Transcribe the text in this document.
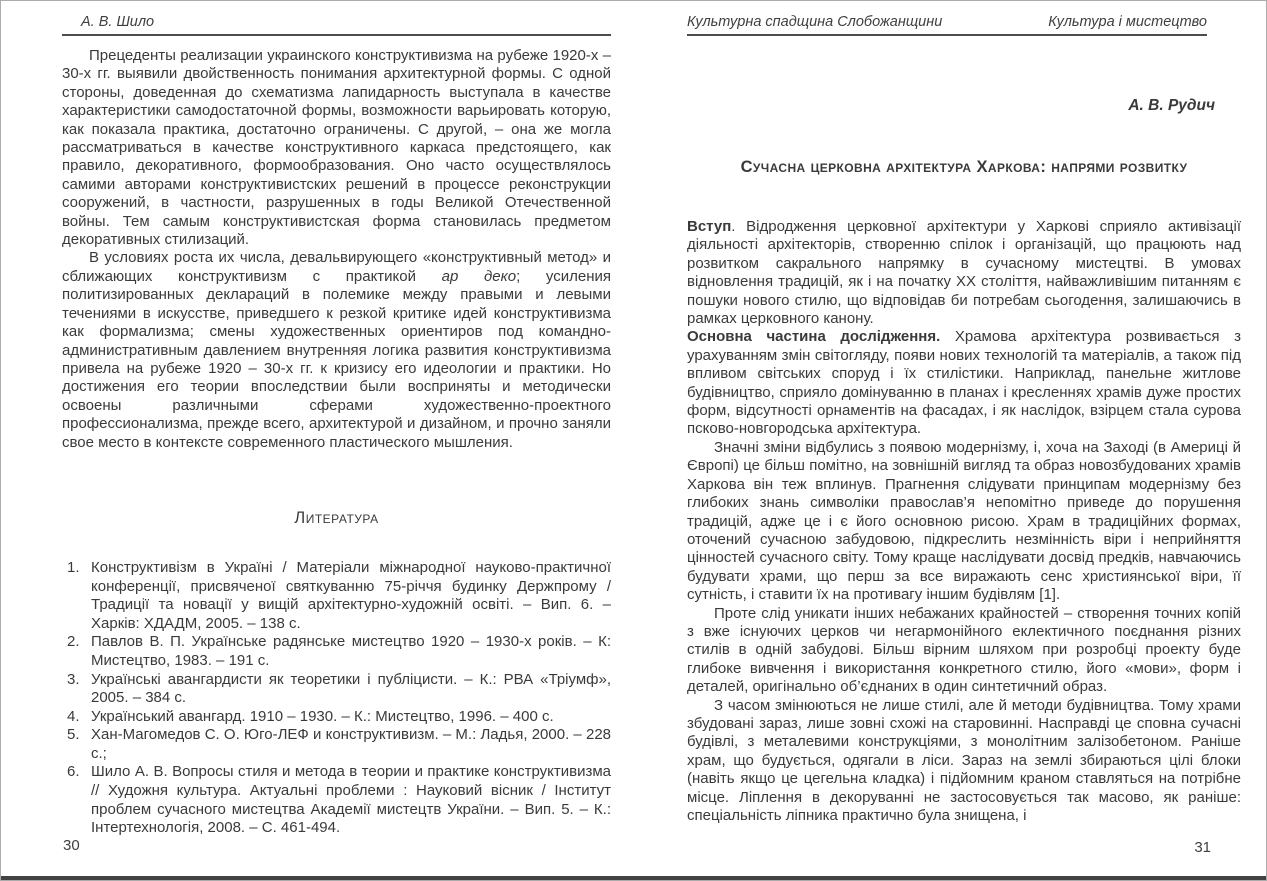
А. В. Шило

Прецеденты реализации украинского конструктивизма на рубеже 1920-х – 30-х гг. выявили двойственность понимания архитектурной формы. С одной стороны, доведенная до схематизма лапидарность выступала в качестве характеристики самодостаточной формы, возможности варьировать которую, как показала практика, достаточно ограничены. С другой, – она же могла рассматриваться в качестве конструктивного каркаса предстоящего, как правило, декоративного, формообразования. Оно часто осуществлялось самими авторами конструктивистских решений в процессе реконструкции сооружений, в частности, разрушенных в годы Великой Отечественной войны. Тем самым конструктивистская форма становилась предметом декоративных стилизаций.

В условиях роста их числа, девальвирующего «конструктивный метод» и сближающих конструктивизм с практикой ар деко; усиления политизированных деклараций в полемике между правыми и левыми течениями в искусстве, приведшего к резкой критике идей конструктивизма как формализма; смены художественных ориентиров под командно-административным давлением внутренняя логика развития конструктивизма привела на рубеже 1920 – 30-х гг. к кризису его идеологии и практики. Но достижения его теории впоследствии были восприняты и методически освоены различными сферами художественно-проектного профессионализма, прежде всего, архитектурой и дизайном, и прочно заняли свое место в контексте современного пластического мышления.

Литература
1. Конструктивізм в Україні / Матеріали міжнародної науково-практичної конференції, присвяченої святкуванню 75-річчя будинку Держпрому / Традиції та новації у вищій архітектурно-художній освіті. – Вип. 6. – Харків: ХДАДМ, 2005. – 138 с.
2. Павлов В. П. Українське радянське мистецтво 1920 – 1930-х років. – К: Мистецтво, 1983. – 191 с.
3. Українські авангардисти як теоретики і публіцисти. – К.: РВА «Тріумф», 2005. – 384 с.
4. Український авангард. 1910 – 1930. – К.: Мистецтво, 1996. – 400 с.
5. Хан-Магомедов С. О. Юго-ЛЕФ и конструктивизм. – М.: Ладья, 2000. – 228 с.;
6. Шило А. В. Вопросы стиля и метода в теории и практике конструктивизма // Художня культура. Актуальні проблеми : Науковий вісник / Інститут проблем сучасного мистецтва Академії мистецтв України. – Вип. 5. – К.: Інтертехнологія, 2008. – С. 461-494.
Культурна спадщина Слобожанщини	Культура і мистецтво
А. В. Рудич
Сучасна церковна архітектура Харкова: напрями розвитку

Вступ. Відродження церковної архітектури у Харкові сприяло активізації діяльності архітекторів, створенню спілок і організацій, що працюють над розвитком сакрального напрямку в сучасному мистецтві. В умовах відновлення традицій, як і на початку ХХ століття, найважливішим питанням є пошуки нового стилю, що відповідав би потребам сьогодення, залишаючись в рамках церковного канону.

Основна частина дослідження. Храмова архітектура розвивається з урахуванням змін світогляду, появи нових технологій та матеріалів, а також під впливом світських споруд і їх стилістики. Наприклад, панельне житлове будівництво, сприяло домінуванню в планах і кресленнях храмів дуже простих форм, відсутності орнаментів на фасадах, і як наслідок, взірцем стала сурова псково-новгородська архітектура.

Значні зміни відбулись з появою модернізму, і, хоча на Заході (в Америці й Європі) це більш помітно, на зовнішній вигляд та образ новозбудованих храмів Харкова він теж вплинув. Прагнення слідувати принципам модернізму без глибоких знань символіки православ’я непомітно приведе до порушення традицій, адже це і є його основною рисою. Храм в традиційних формах, оточений сучасною забудовою, підкреслить незмінність віри і неприйняття цінностей сучасного світу. Тому краще наслідувати досвід предків, навчаючись будувати храми, що перш за все виражають сенс християнської віри, її сутність, і ставити їх на противагу іншим будівлям [1].

Проте слід уникати інших небажаних крайностей – створення точних копій з вже існуючих церков чи негармонійного еклектичного поєднання різних стилів в одній забудові. Більш вірним шляхом при розробці проекту буде глибоке вивчення і використання конкретного стилю, його «мови», форм і деталей, оригінально об’єднаних в один синтетичний образ.

З часом змінюються не лише стилі, але й методи будівництва. Тому храми збудовані зараз, лише зовні схожі на старовинні. Насправді це сповна сучасні будівлі, з металевими конструкціями, з монолітним залізобетоном. Раніше храм, що будується, одягали в ліси. Зараз на землі збираються цілі блоки (навіть якщо це цегельна кладка) і підйомним краном ставляться на потрібне місце. Ліплення в декоруванні не застосовується так масово, як раніше: спеціальність ліпника практично була знищена, і

30	31
